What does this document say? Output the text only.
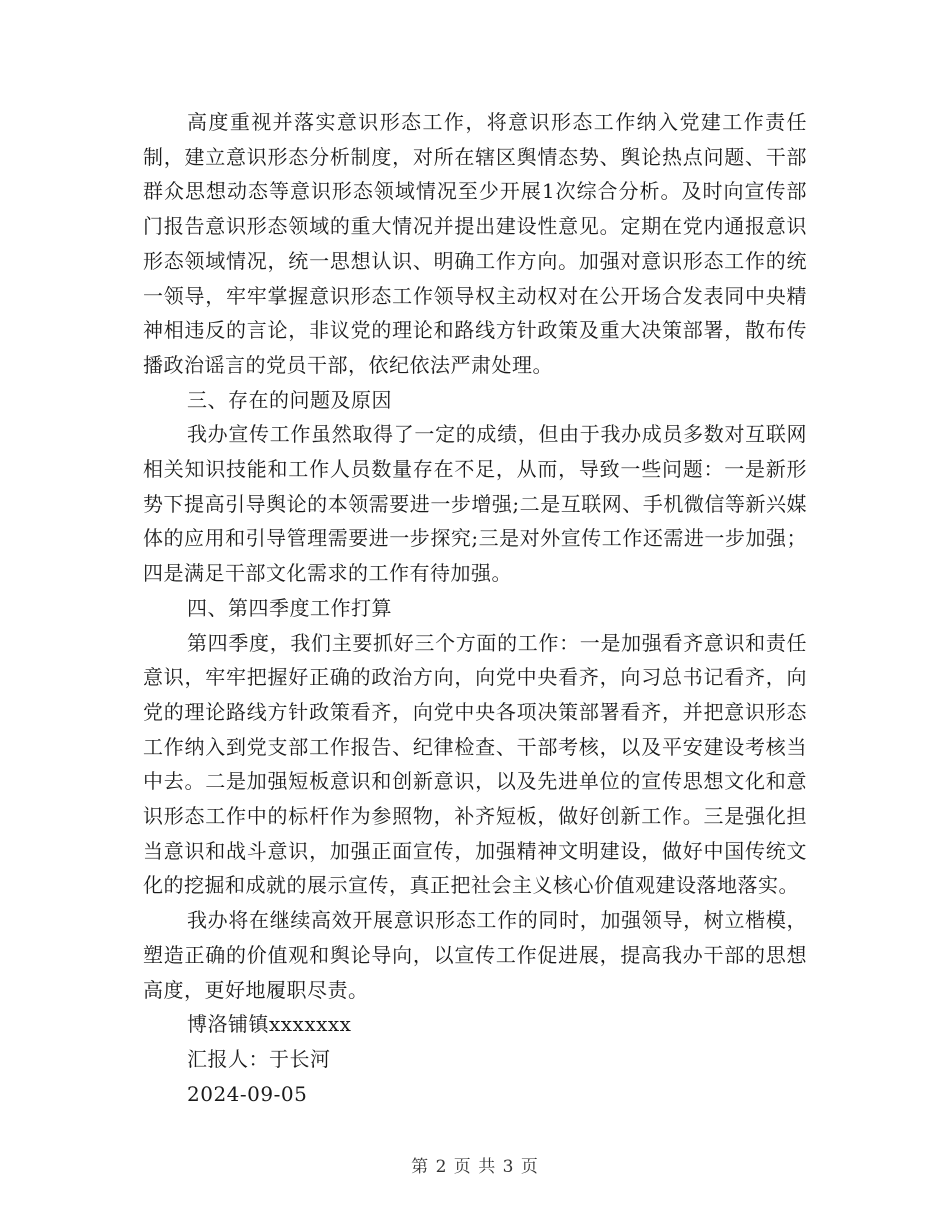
高度重视并落实意识形态工作，将意识形态工作纳入党建工作责任制，建立意识形态分析制度，对所在辖区舆情态势、舆论热点问题、干部群众思想动态等意识形态领域情况至少开展1次综合分析。及时向宣传部门报告意识形态领域的重大情况并提出建设性意见。定期在党内通报意识形态领域情况，统一思想认识、明确工作方向。加强对意识形态工作的统一领导，牢牢掌握意识形态工作领导权主动权对在公开场合发表同中央精神相违反的言论，非议党的理论和路线方针政策及重大决策部署，散布传播政治谣言的党员干部，依纪依法严肃处理。

三、存在的问题及原因

我办宣传工作虽然取得了一定的成绩，但由于我办成员多数对互联网相关知识技能和工作人员数量存在不足，从而，导致一些问题：一是新形势下提高引导舆论的本领需要进一步增强;二是互联网、手机微信等新兴媒体的应用和引导管理需要进一步探究;三是对外宣传工作还需进一步加强；四是满足干部文化需求的工作有待加强。

四、第四季度工作打算

第四季度，我们主要抓好三个方面的工作：一是加强看齐意识和责任意识，牢牢把握好正确的政治方向，向党中央看齐，向习总书记看齐，向党的理论路线方针政策看齐，向党中央各项决策部署看齐，并把意识形态工作纳入到党支部工作报告、纪律检查、干部考核，以及平安建设考核当中去。二是加强短板意识和创新意识，以及先进单位的宣传思想文化和意识形态工作中的标杆作为参照物，补齐短板，做好创新工作。三是强化担当意识和战斗意识，加强正面宣传，加强精神文明建设，做好中国传统文化的挖掘和成就的展示宣传，真正把社会主义核心价值观建设落地落实。

我办将在继续高效开展意识形态工作的同时，加强领导，树立楷模，塑造正确的价值观和舆论导向，以宣传工作促进展，提高我办干部的思想高度，更好地履职尽责。

博洛铺镇xxxxxxx

汇报人：于长河

2024-09-05

第 2 页 共 3 页
